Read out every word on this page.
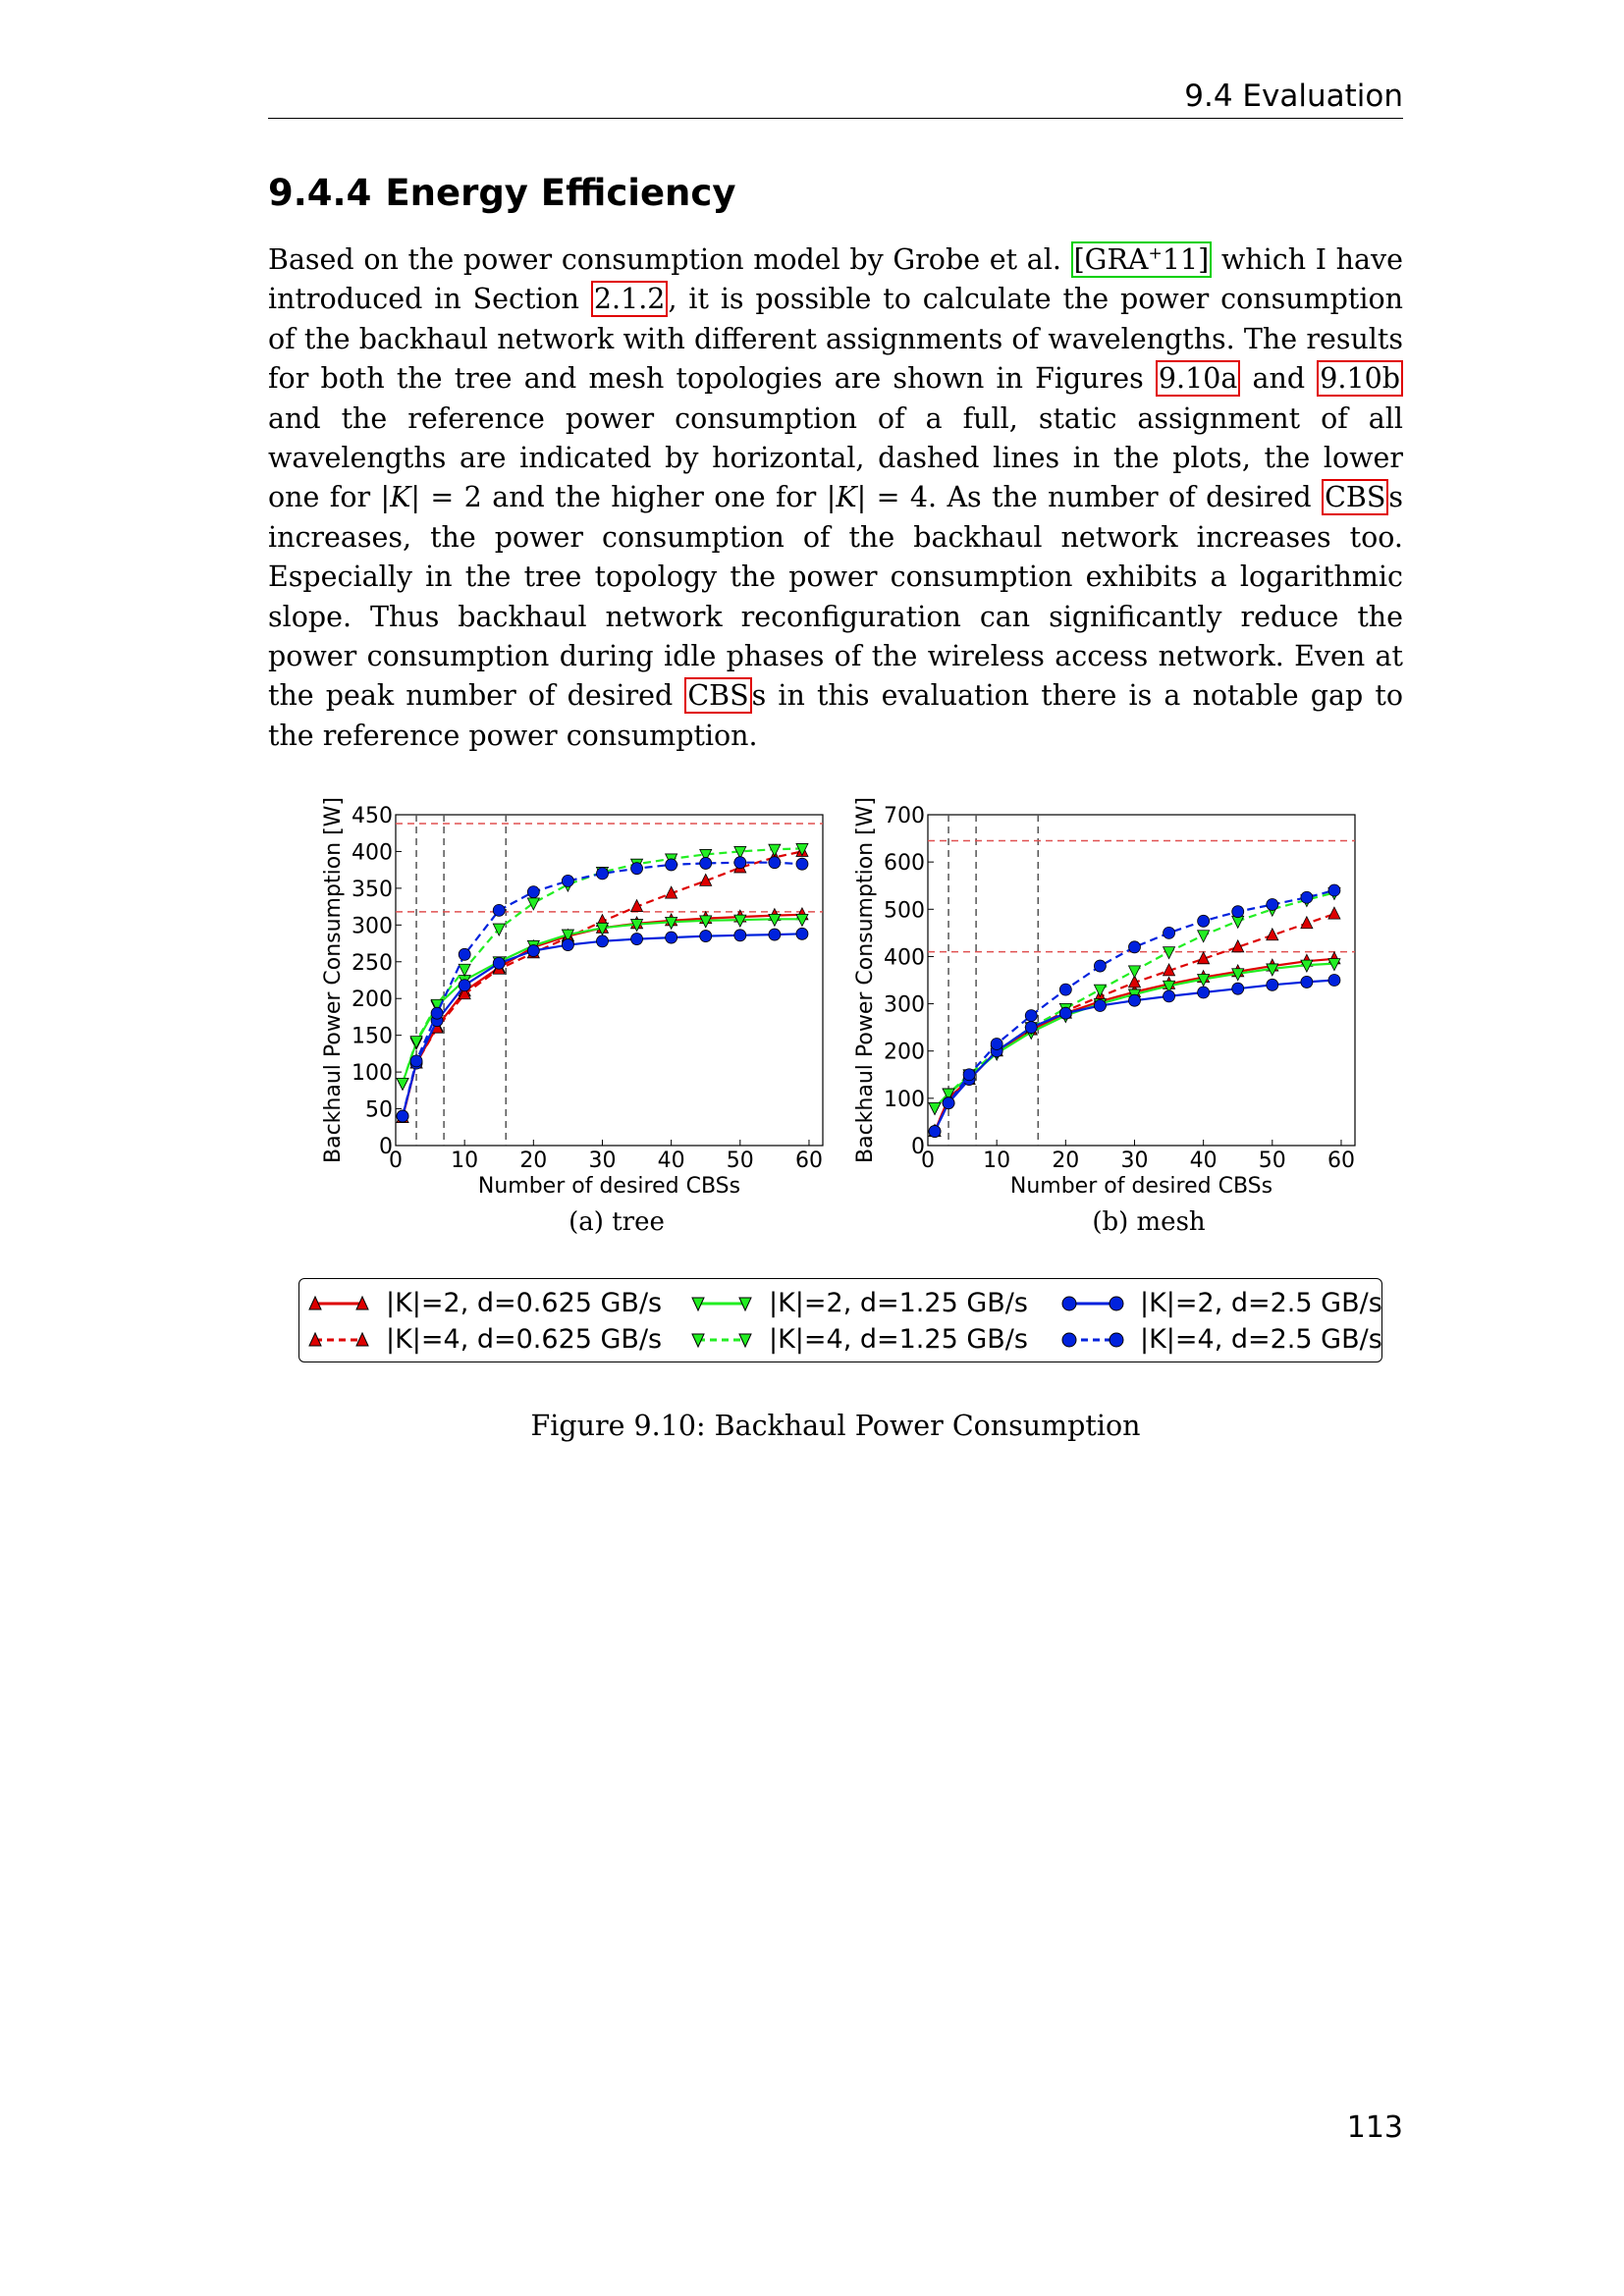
9.4 Evaluation
9.4.4 Energy Efficiency

Based on the power consumption model by Grobe et al. [GRA+11] which I have introduced in Section 2.1.2 , it is possible to calculate the power consumption of the backhaul network with different assignments of wavelengths. The results for both the tree and mesh topologies are shown in Figures 9.10a and 9.10b and the reference power consumption of a full, static assignment of all wavelengths are indicated by horizontal, dashed lines in the plots, the lower one for |K| = 2 and the higher one for |K| = 4. As the number of desired CBS s increases, the power consumption of the backhaul network increases too. Especially in the tree topology the power consumption exhibits a logarithmic slope. Thus backhaul network reconfiguration can significantly reduce the power consumption during idle phases of the wireless access network. Even at the peak number of desired CBS s in this evaluation there is a notable gap to the reference power consumption.

0 10 20 30 40 50 60
0
50
100
150
200
250
300
350
400
450
Number of desired CBSs
Backhaul Power Consumption [W]	0 10 20 30 40 50 60
0
100
200
300
400
500
600
700
Number of desired CBSs
Backhaul Power Consumption [W]
(a) tree	(b) mesh
|K|=2, d=0.625 GB/s	|K|=2, d=1.25 GB/s	|K|=2, d=2.5 GB/s
|K|=4, d=0.625 GB/s	|K|=4, d=1.25 GB/s	|K|=4, d=2.5 GB/s
Figure 9.10: Backhaul Power Consumption
113
